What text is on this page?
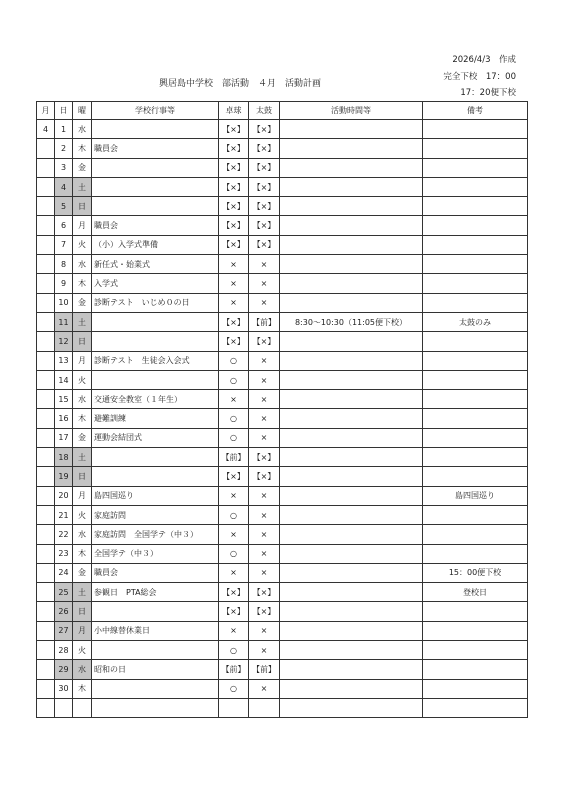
2026/4/3　作成
興居島中学校　部活動　４月　活動計画
完全下校　17：00
17：20便下校
月	日	曜	学校行事等	卓球	太鼓	活動時間等	備考
4	1	水		【×】	【×】		
	2	木	職員会	【×】	【×】		
	3	金		【×】	【×】		
	4	土		【×】	【×】		
	5	日		【×】	【×】		
	6	月	職員会	【×】	【×】		
	7	火	（小）入学式準備	【×】	【×】		
	8	水	新任式・始業式	×	×		
	9	木	入学式	×	×		
	10	金	診断テスト　いじめ０の日	×	×		
	11	土		【×】	【前】	8:30～10:30（11:05便下校）	太鼓のみ
	12	日		【×】	【×】		
	13	月	診断テスト　生徒会入会式	○	×		
	14	火		○	×		
	15	水	交通安全教室（１年生）	×	×		
	16	木	避難訓練	○	×		
	17	金	運動会結団式	○	×		
	18	土		【前】	【×】		
	19	日		【×】	【×】		
	20	月	島四国巡り	×	×		島四国巡り
	21	火	家庭訪問	○	×		
	22	水	家庭訪問　全国学テ（中３）	×	×		
	23	木	全国学テ（中３）	○	×		
	24	金	職員会	×	×		15：00便下校
	25	土	参観日　PTA総会	【×】	【×】		登校日
	26	日		【×】	【×】		
	27	月	小中線替休業日	×	×		
	28	火		○	×		
	29	水	昭和の日	【前】	【前】		
	30	木		○	×		
